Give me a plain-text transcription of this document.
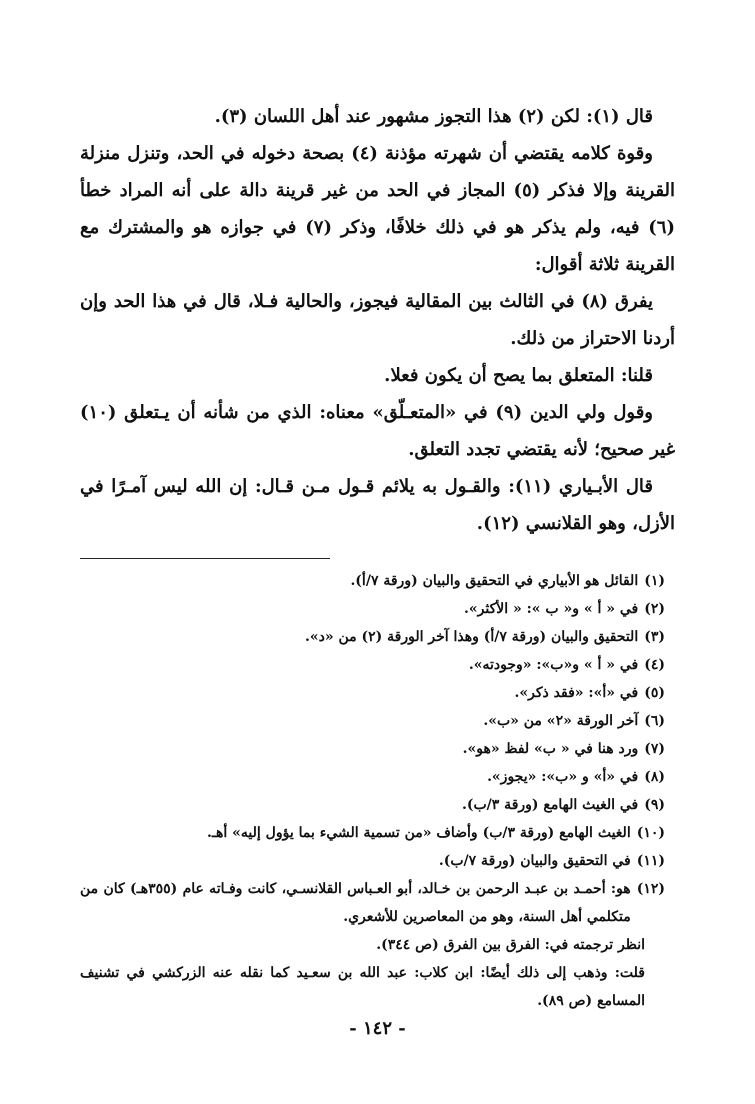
قال (١): لكن (٢) هذا التجوز مشهور عند أهل اللسان (٣).

وقوة كلامه يقتضي أن شهرته مؤذنة (٤) بصحة دخوله في الحد، وتنزل منزلة القرينة وإلا فذكر (٥) المجاز في الحد من غير قرينة دالة على أنه المراد خطأ (٦) فيه، ولم يذكر هو في ذلك خلافًا، وذكر (٧) في جوازه هو والمشترك مع القرينة ثلاثة أقوال:

يفرق (٨) في الثالث بين المقالية فيجوز، والحالية فـلا، قال في هذا الحد وإن أردنا الاحتراز من ذلك.

قلنا: المتعلق بما يصح أن يكون فعلا.

وقول ولي الدين (٩) في «المتعـلّق» معناه: الذي من شأنه أن يـتعلق (١٠) غير صحيح؛ لأنه يقتضي تجدد التعلق.

قال الأبـياري (١١): والقـول به يلائم قـول مـن قـال: إن الله ليس آمـرًا في الأزل، وهو القلانسي (١٢).

(١)
القائل هو الأبياري في التحقيق والبيان (ورقة ٧/أ).
(٢)
في « أ » و« ب »: « الأكثر».
(٣)
التحقيق والبيان (ورقة ٧/أ) وهذا آخر الورقة (٢) من «د».
(٤)
في « أ » و«ب»: «وجودته».
(٥)
في «أ»: «فقد ذكر».
(٦)
آخر الورقة «٢» من «ب».
(٧)
ورد هنا في « ب» لفظ «هو».
(٨)
في «أ» و «ب»: «يجوز».
(٩)
في الغيث الهامع (ورقة ٣/ب).
(١٠)
الغيث الهامع (ورقة ٣/ب) وأضاف «من تسمية الشيء بما يؤول إليه» أهـ.
(١١)
في التحقيق والبيان (ورقة ٧/ب).
(١٢)
هو: أحمـد بن عبـد الرحمن بن خـالد، أبو العـباس القلانسـي، كانت وفـاته عام (٣٥٥هـ) كان من متكلمي أهل السنة، وهو من المعاصرين للأشعري.
انظر ترجمته في: الفرق بين الفرق (ص ٣٤٤).
قلت: وذهب إلى ذلك أيضًا: ابن كلاب: عبد الله بن سعـيد كما نقله عنه الزركشي في تشنيف المسامع (ص ٨٩).
- ١٤٢ -
